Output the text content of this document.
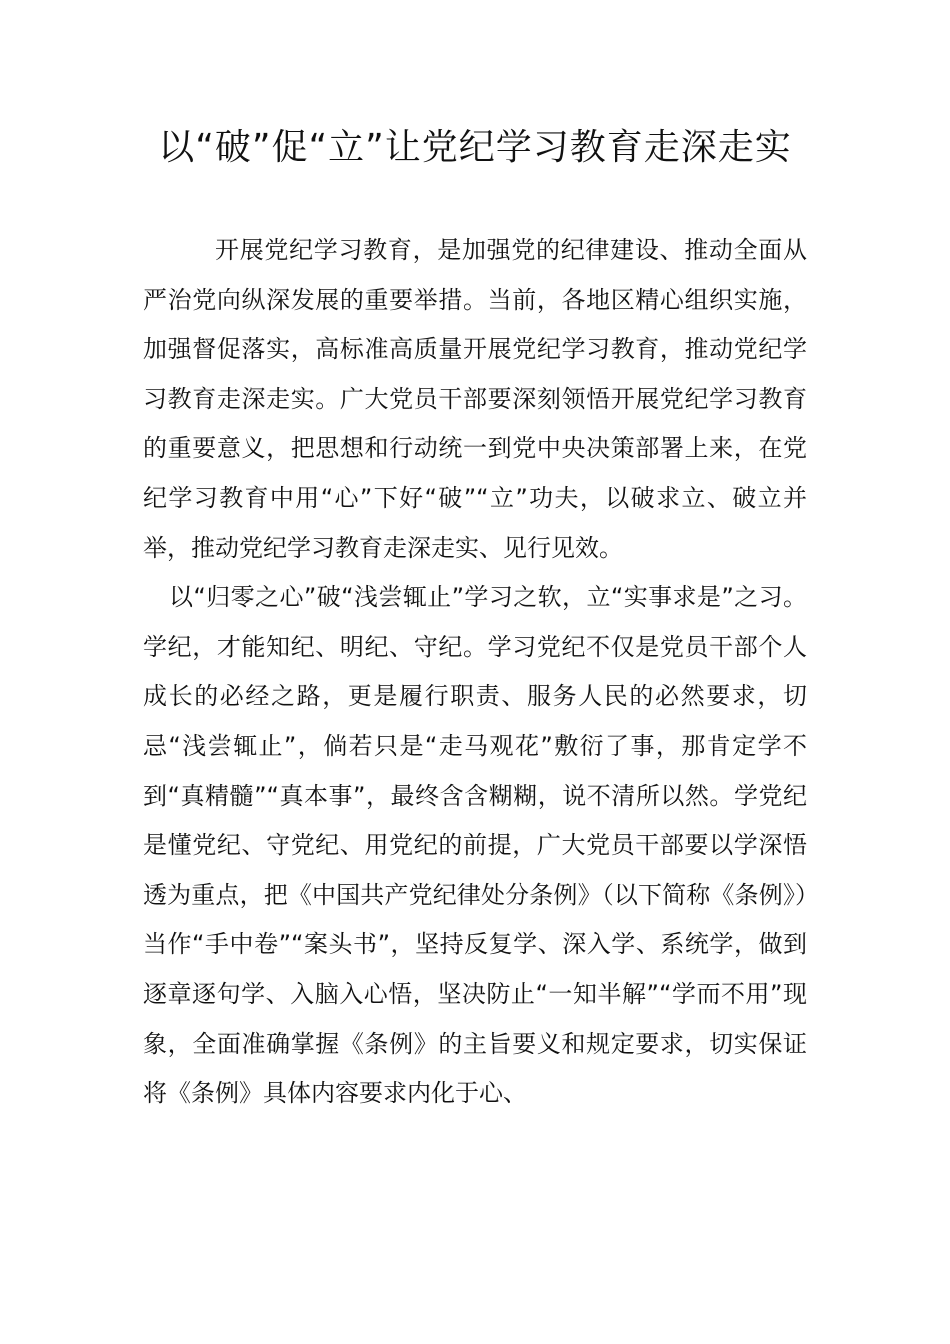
以“破”促“立”让党纪学习教育走深走实

开展党纪学习教育，是加强党的纪律建设、推动全面从严治党向纵深发展的重要举措。当前，各地区精心组织实施，加强督促落实，高标准高质量开展党纪学习教育，推动党纪学习教育走深走实。广大党员干部要深刻领悟开展党纪学习教育的重要意义，把思想和行动统一到党中央决策部署上来，在党纪学习教育中用“心”下好“破”“立”功夫，以破求立、破立并举，推动党纪学习教育走深走实、见行见效。

以“归零之心”破“浅尝辄止”学习之软，立“实事求是”之习。学纪，才能知纪、明纪、守纪。学习党纪不仅是党员干部个人成长的必经之路，更是履行职责、服务人民的必然要求，切忌“浅尝辄止”，倘若只是“走马观花”敷衍了事，那肯定学不到“真精髓”“真本事”，最终含含糊糊，说不清所以然。学党纪是懂党纪、守党纪、用党纪的前提，广大党员干部要以学深悟透为重点，把《中国共产党纪律处分条例》（以下简称《条例》）当作“手中卷”“案头书”，坚持反复学、深入学、系统学，做到逐章逐句学、入脑入心悟，坚决防止“一知半解”“学而不用”现象，全面准确掌握《条例》的主旨要义和规定要求，切实保证将《条例》具体内容要求内化于心、
